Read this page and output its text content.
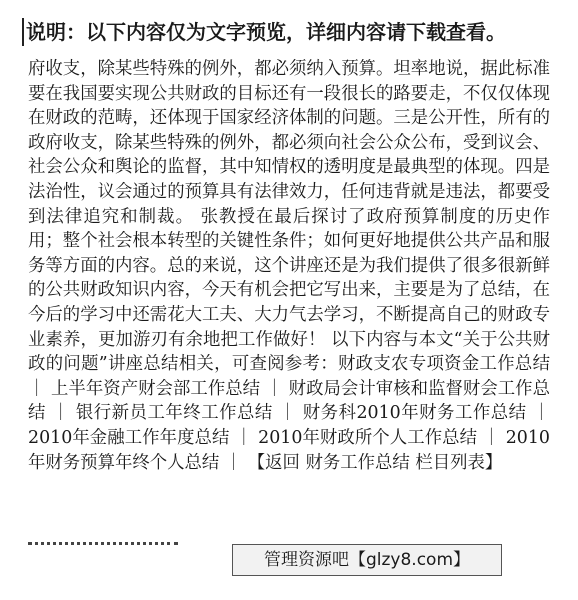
说明：以下内容仅为文字预览，详细内容请下载查看。

府收支，除某些特殊的例外，都必须纳入预算。坦率地说，据此标准要在我国要实现公共财政的目标还有一段很长的路要走，不仅仅体现在财政的范畴，还体现于国家经济体制的问题。三是公开性，所有的政府收支，除某些特殊的例外，都必须向社会公众公布，受到议会、社会公众和舆论的监督，其中知情权的透明度是最典型的体现。四是法治性，议会通过的预算具有法律效力，任何违背就是违法，都要受到法律追究和制裁。 张教授在最后探讨了政府预算制度的历史作用；整个社会根本转型的关键性条件；如何更好地提供公共产品和服务等方面的内容。总的来说，这个讲座还是为我们提供了很多很新鲜的公共财政知识内容，今天有机会把它写出来，主要是为了总结，在今后的学习中还需花大工夫、大力气去学习，不断提高自己的财政专业素养，更加游刃有余地把工作做好！ 以下内容与本文“关于公共财政的问题”讲座总结相关，可查阅参考：财政支农专项资金工作总结 ｜ 上半年资产财会部工作总结 ｜ 财政局会计审核和监督财会工作总结 ｜ 银行新员工年终工作总结 ｜ 财务科2010年财务工作总结 ｜ 2010年金融工作年度总结 ｜ 2010年财政所个人工作总结 ｜ 2010年财务预算年终个人总结 ｜ 【返回 财务工作总结 栏目列表】

管理资源吧【glzy8.com】
